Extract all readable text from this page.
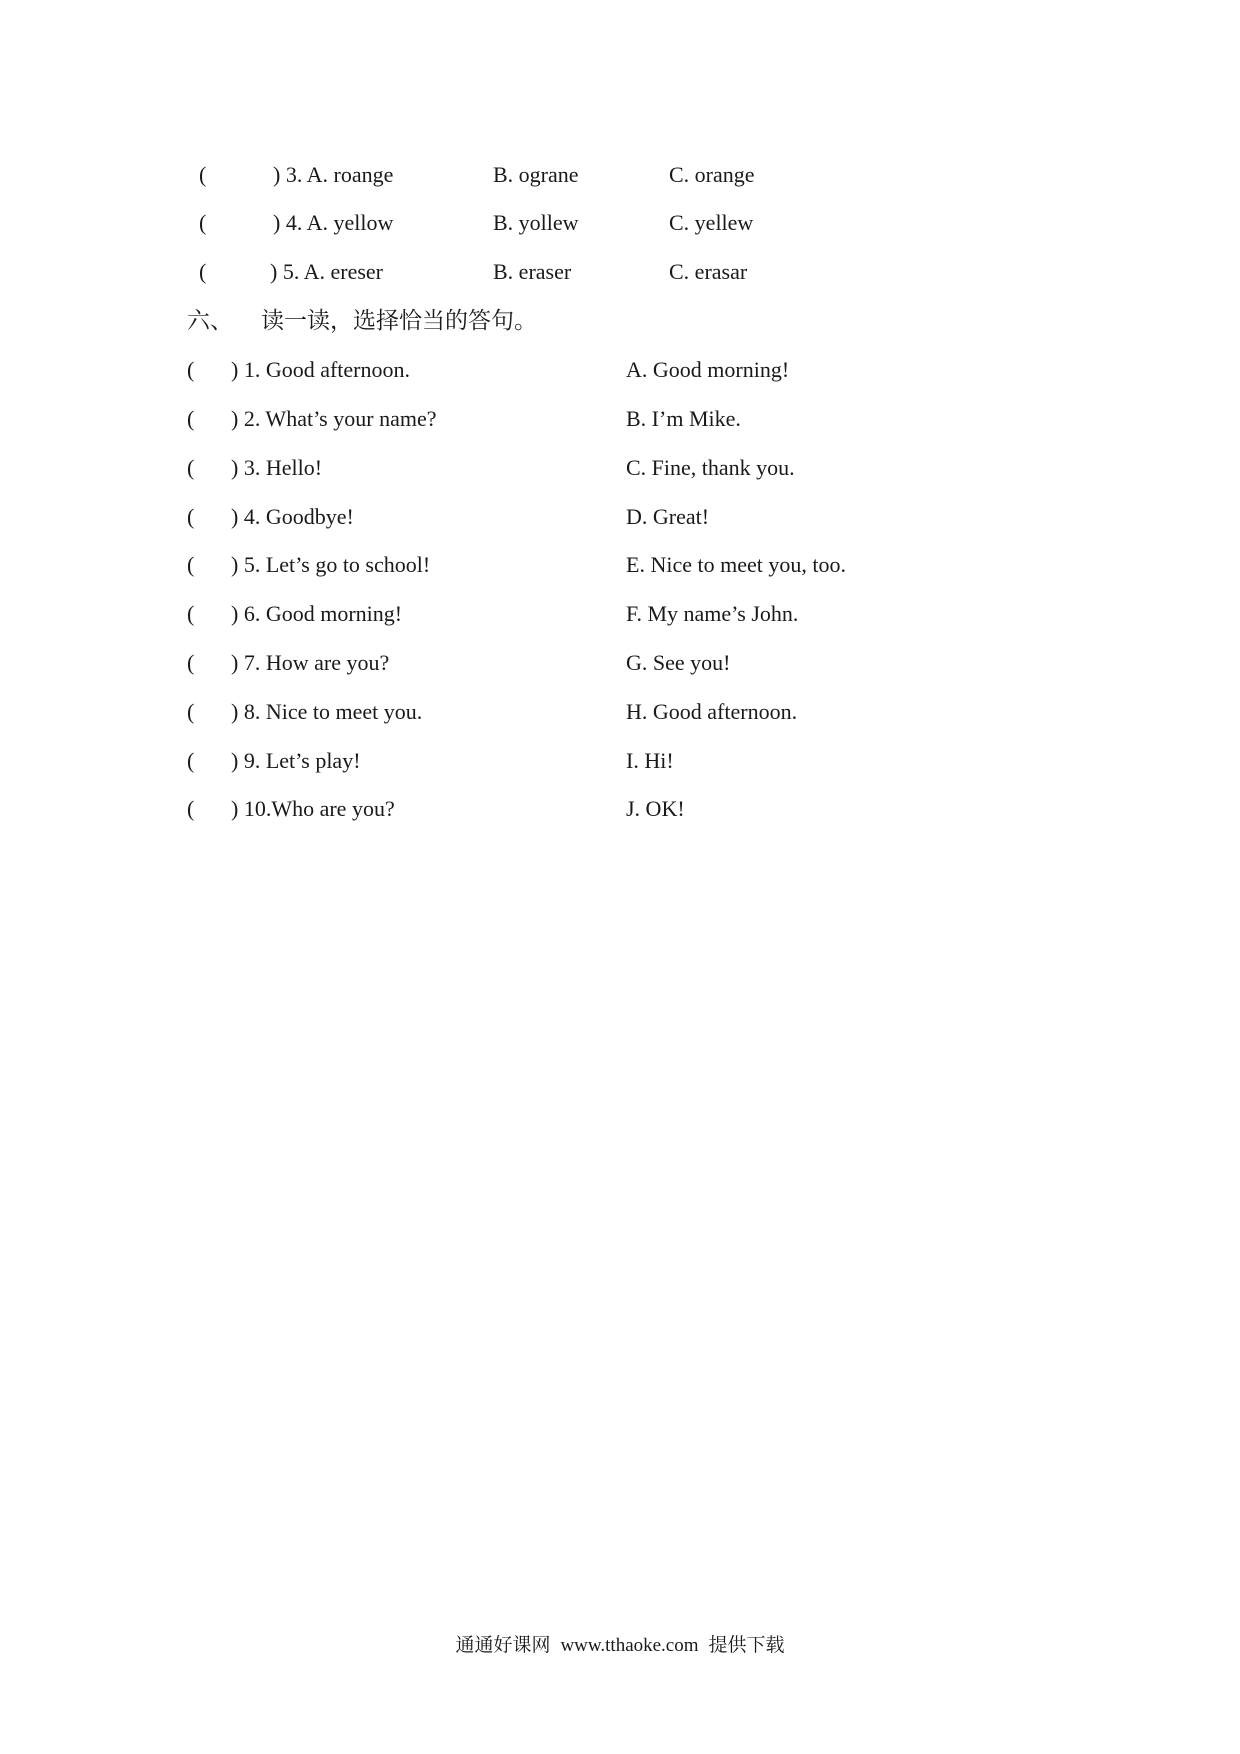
(	) 3. A. roange	B. ograne	C. orange
(	) 4. A. yellow	B. yollew	C. yellew
(	) 5. A. ereser	B. eraser	C. erasar
六、 读一读，选择恰当的答句。
( ) 1. Good afternoon.	A. Good morning!
( ) 2. What’s your name?	B. I’m Mike.
( ) 3. Hello!	C. Fine, thank you.
( ) 4. Goodbye!	D. Great!
( ) 5. Let’s go to school!	E. Nice to meet you, too.
( ) 6. Good morning!	F. My name’s John.
( ) 7. How are you?	G. See you!
( ) 8. Nice to meet you.	H. Good afternoon.
( ) 9. Let’s play!	I. Hi!
( ) 10.Who are you?	J. OK!
通通好课网 www.tthaoke.com 提供下载
